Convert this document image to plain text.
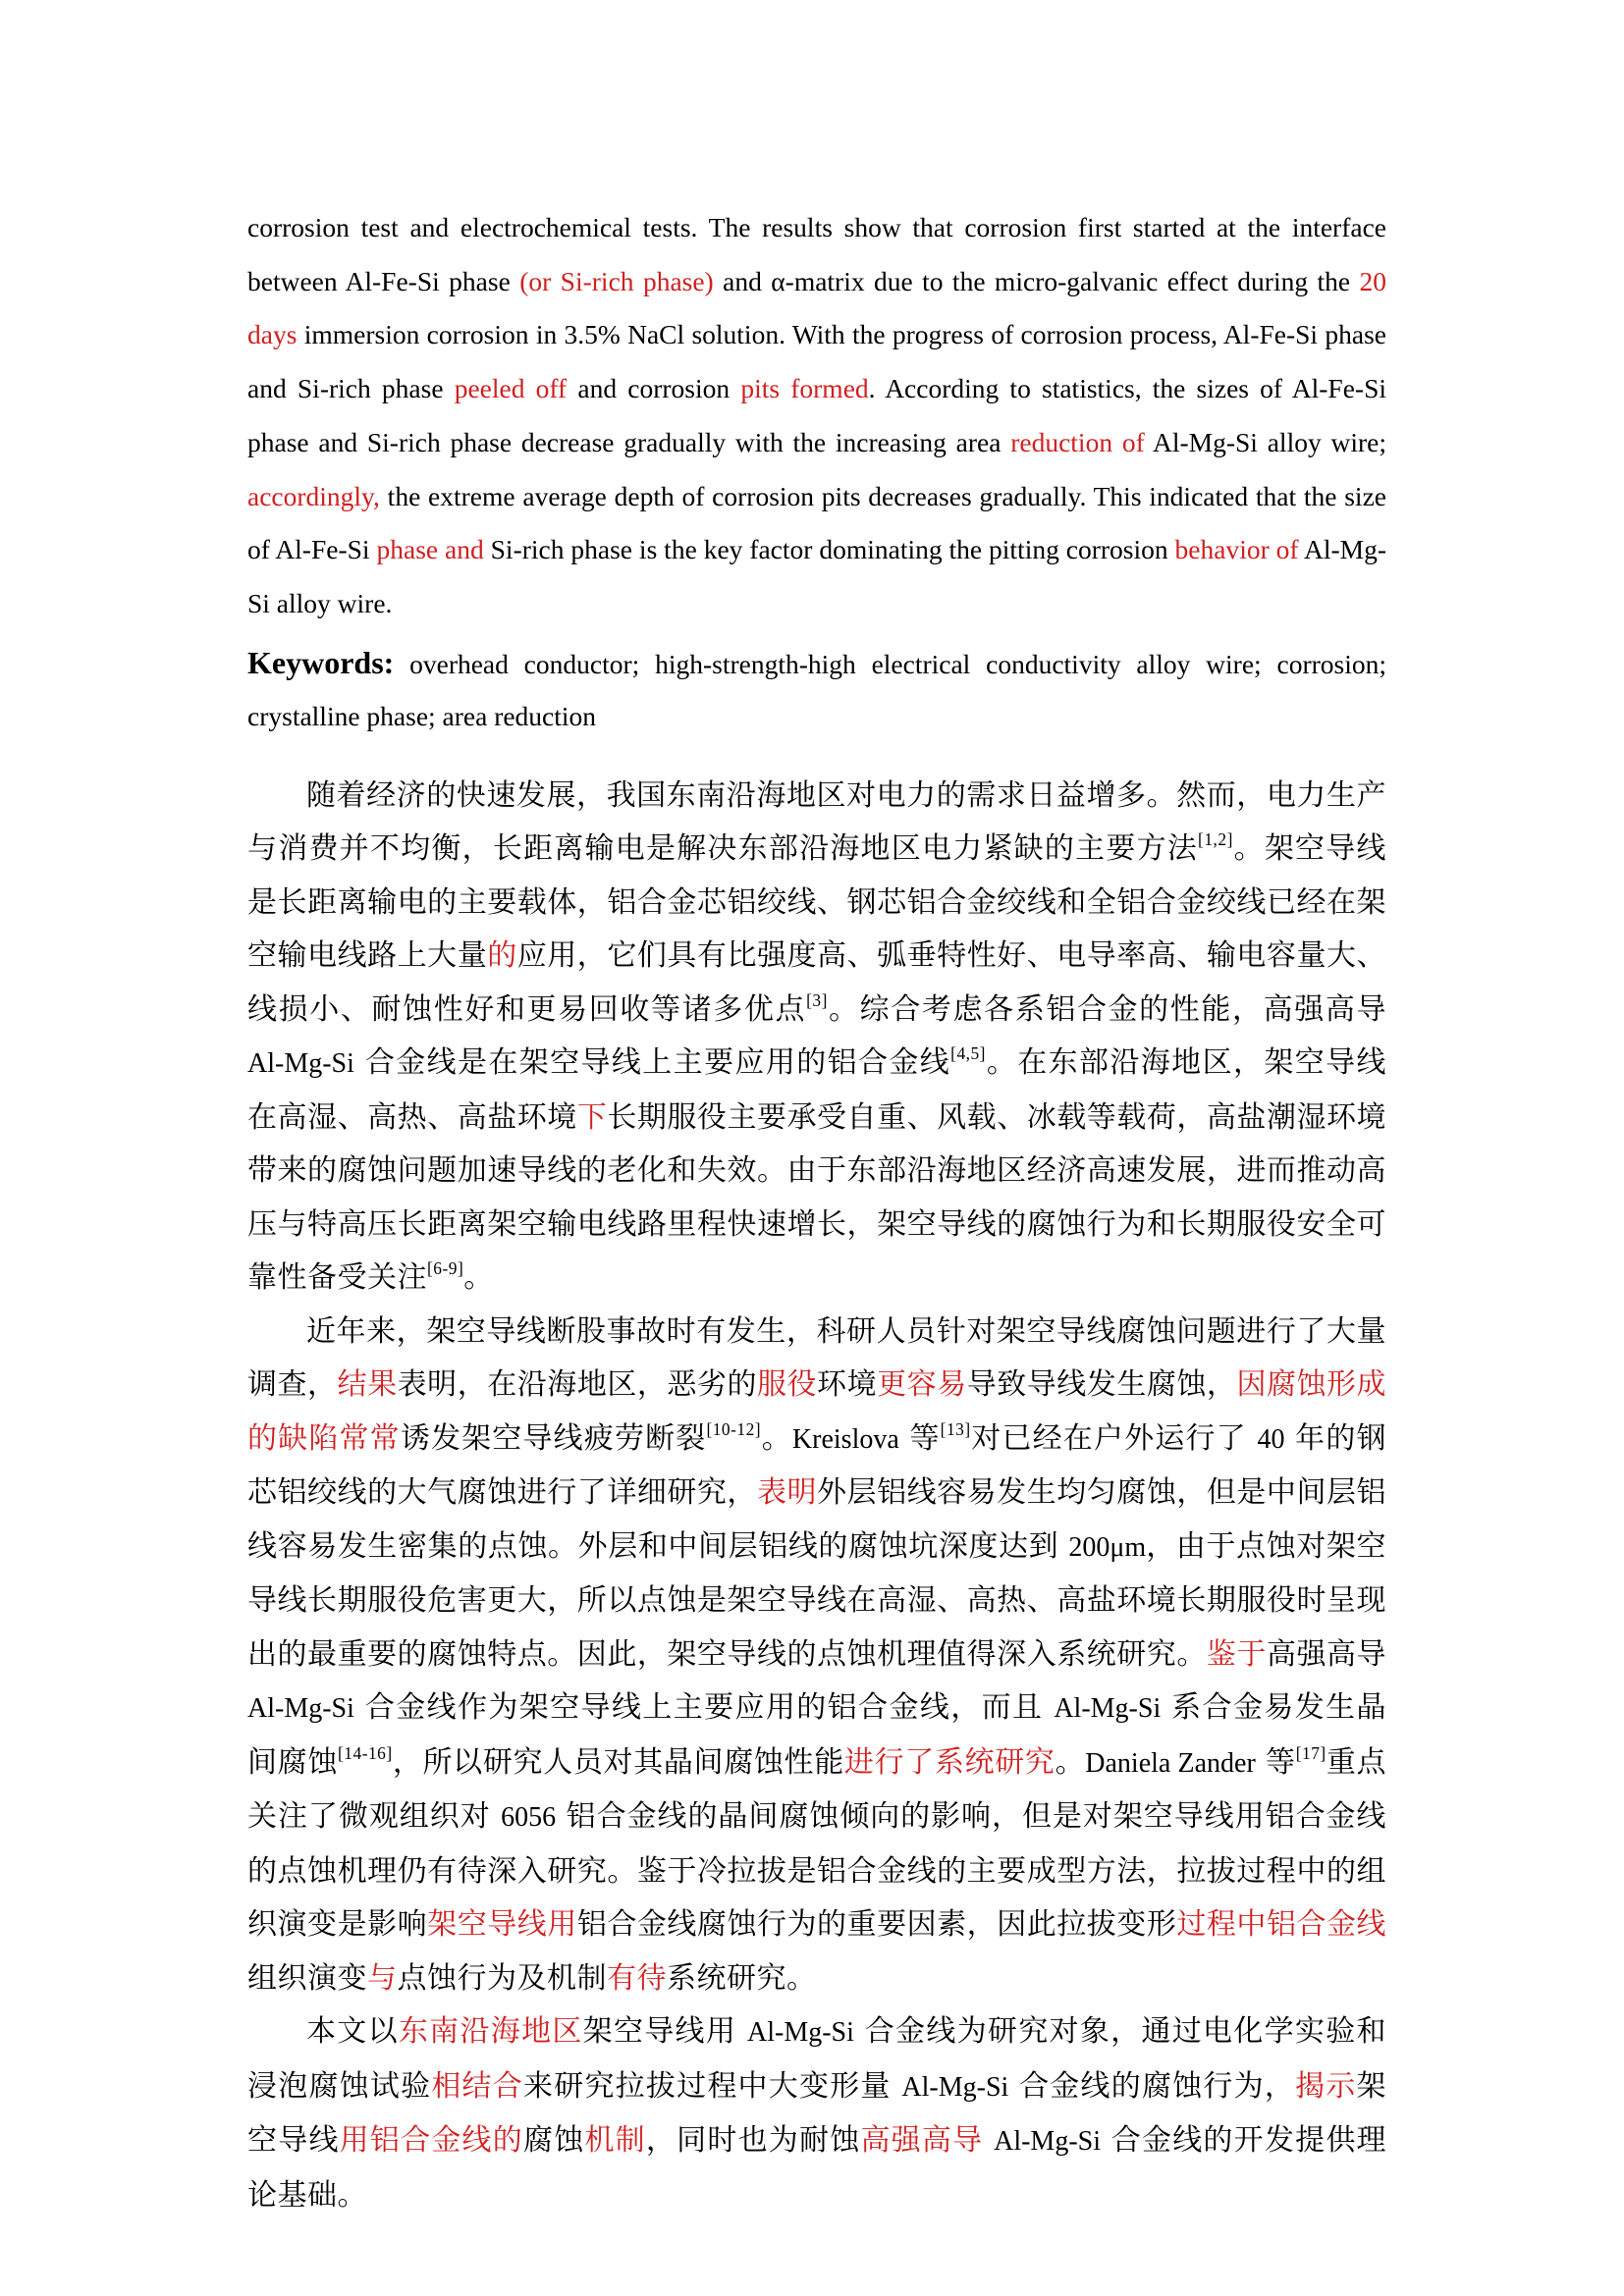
corrosion test and electrochemical tests. The results show that corrosion first started at the interface between Al-Fe-Si phase (or Si-rich phase) and α-matrix due to the micro-galvanic effect during the 20 days immersion corrosion in 3.5% NaCl solution. With the progress of corrosion process, Al-Fe-Si phase and Si-rich phase peeled off and corrosion pits formed. According to statistics, the sizes of Al-Fe-Si phase and Si-rich phase decrease gradually with the increasing area reduction of Al-Mg-Si alloy wire; accordingly, the extreme average depth of corrosion pits decreases gradually. This indicated that the size of Al-Fe-Si phase and Si-rich phase is the key factor dominating the pitting corrosion behavior of Al-Mg-Si alloy wire.

Keywords: overhead conductor; high-strength-high electrical conductivity alloy wire; corrosion; crystalline phase; area reduction

随着经济的快速发展，我国东南沿海地区对电力的需求日益增多。然而，电力生产与消费并不均衡，长距离输电是解决东部沿海地区电力紧缺的主要方法[1,2]。架空导线是长距离输电的主要载体，铝合金芯铝绞线、钢芯铝合金绞线和全铝合金绞线已经在架空输电线路上大量的应用，它们具有比强度高、弧垂特性好、电导率高、输电容量大、线损小、耐蚀性好和更易回收等诸多优点[3]。综合考虑各系铝合金的性能，高强高导 Al-Mg-Si 合金线是在架空导线上主要应用的铝合金线[4,5]。在东部沿海地区，架空导线在高湿、高热、高盐环境下长期服役主要承受自重、风载、冰载等载荷，高盐潮湿环境带来的腐蚀问题加速导线的老化和失效。由于东部沿海地区经济高速发展，进而推动高压与特高压长距离架空输电线路里程快速增长，架空导线的腐蚀行为和长期服役安全可靠性备受关注[6-9]。

近年来，架空导线断股事故时有发生，科研人员针对架空导线腐蚀问题进行了大量调查，结果表明，在沿海地区，恶劣的服役环境更容易导致导线发生腐蚀，因腐蚀形成的缺陷常常诱发架空导线疲劳断裂[10-12]。Kreislova 等[13]对已经在户外运行了 40 年的钢芯铝绞线的大气腐蚀进行了详细研究，表明外层铝线容易发生均匀腐蚀，但是中间层铝线容易发生密集的点蚀。外层和中间层铝线的腐蚀坑深度达到 200μm，由于点蚀对架空导线长期服役危害更大，所以点蚀是架空导线在高湿、高热、高盐环境长期服役时呈现出的最重要的腐蚀特点。因此，架空导线的点蚀机理值得深入系统研究。鉴于高强高导 Al-Mg-Si 合金线作为架空导线上主要应用的铝合金线，而且 Al-Mg-Si 系合金易发生晶间腐蚀[14-16]，所以研究人员对其晶间腐蚀性能进行了系统研究。Daniela Zander 等[17]重点关注了微观组织对 6056 铝合金线的晶间腐蚀倾向的影响，但是对架空导线用铝合金线的点蚀机理仍有待深入研究。鉴于冷拉拔是铝合金线的主要成型方法，拉拔过程中的组织演变是影响架空导线用铝合金线腐蚀行为的重要因素，因此拉拔变形过程中铝合金线组织演变与点蚀行为及机制有待系统研究。

本文以东南沿海地区架空导线用 Al-Mg-Si 合金线为研究对象，通过电化学实验和浸泡腐蚀试验相结合来研究拉拔过程中大变形量 Al-Mg-Si 合金线的腐蚀行为，揭示架空导线用铝合金线的腐蚀机制，同时也为耐蚀高强高导 Al-Mg-Si 合金线的开发提供理论基础。
